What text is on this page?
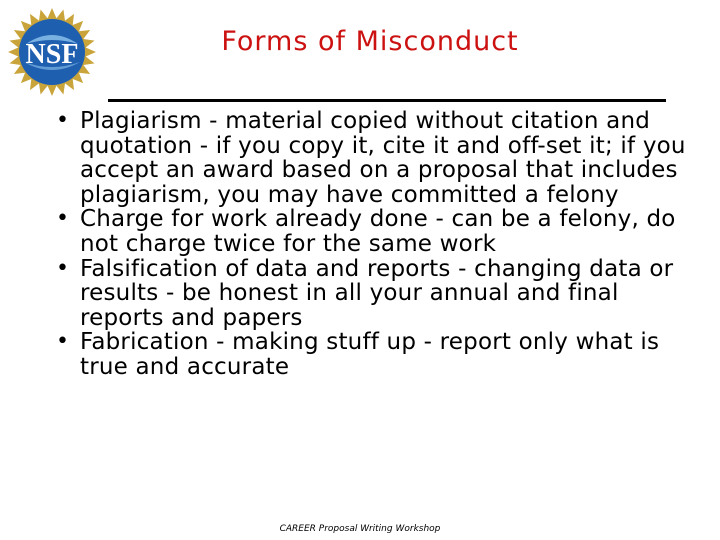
NSF	Forms of Misconduct
• Plagiarism - material copied without citation and quotation - if you copy it, cite it and off-set it; if you accept an award based on a proposal that includes plagiarism, you may have committed a felony
• Charge for work already done - can be a felony, do not charge twice for the same work
• Falsification of data and reports - changing data or results - be honest in all your annual and final reports and papers
• Fabrication - making stuff up - report only what is true and accurate
CAREER Proposal Writing Workshop
